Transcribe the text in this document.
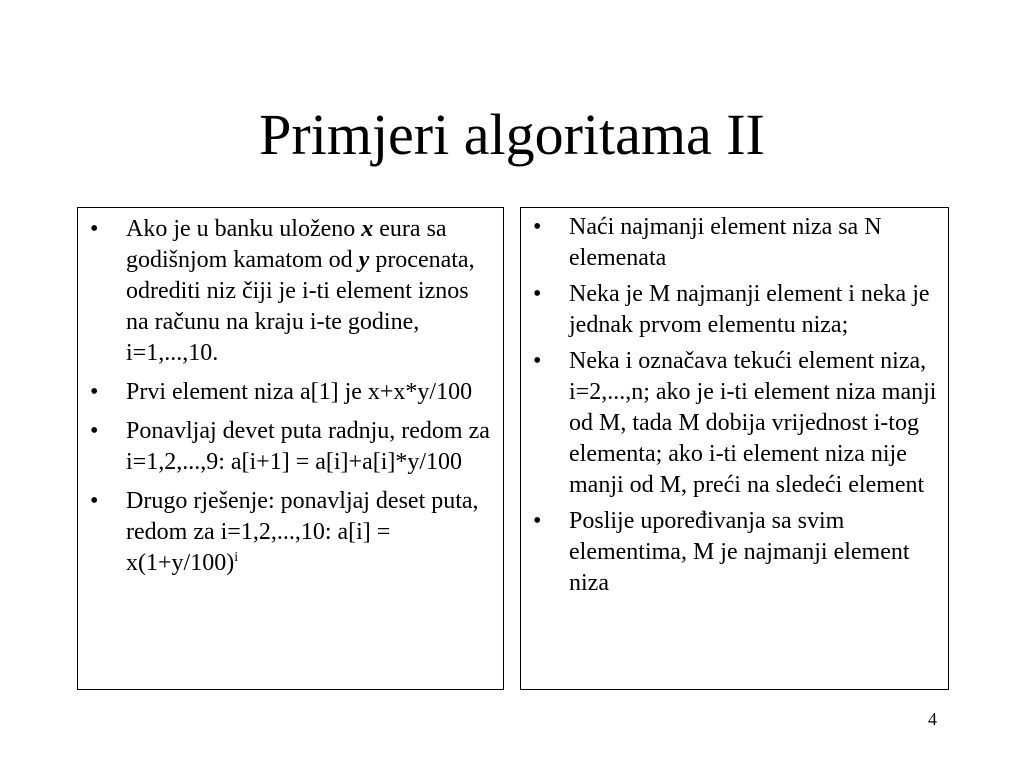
Primjeri algoritama II
• Ako je u banku uloženo x eura sa godišnjom kamatom od y procenata, odrediti niz čiji je i-ti element iznos na računu na kraju i-te godine, i=1,...,10.
• Prvi element niza a[1] je x+x*y/100
• Ponavljaj devet puta radnju, redom za i=1,2,...,9: a[i+1] = a[i]+a[i]*y/100
• Drugo rješenje: ponavljaj deset puta, redom za i=1,2,...,10: $a[i] = x(1+y/100)^i$
• Naći najmanji element niza sa N elemenata
• Neka je M najmanji element i neka je jednak prvom elementu niza;
• Neka i označava tekući element niza, i=2,...,n; ako je i-ti element niza manji od M, tada M dobija vrijednost i-tog elementa; ako i-ti element niza nije manji od M, preći na sledeći element
• Poslije upoređivanja sa svim elementima, M je najmanji element niza
4
